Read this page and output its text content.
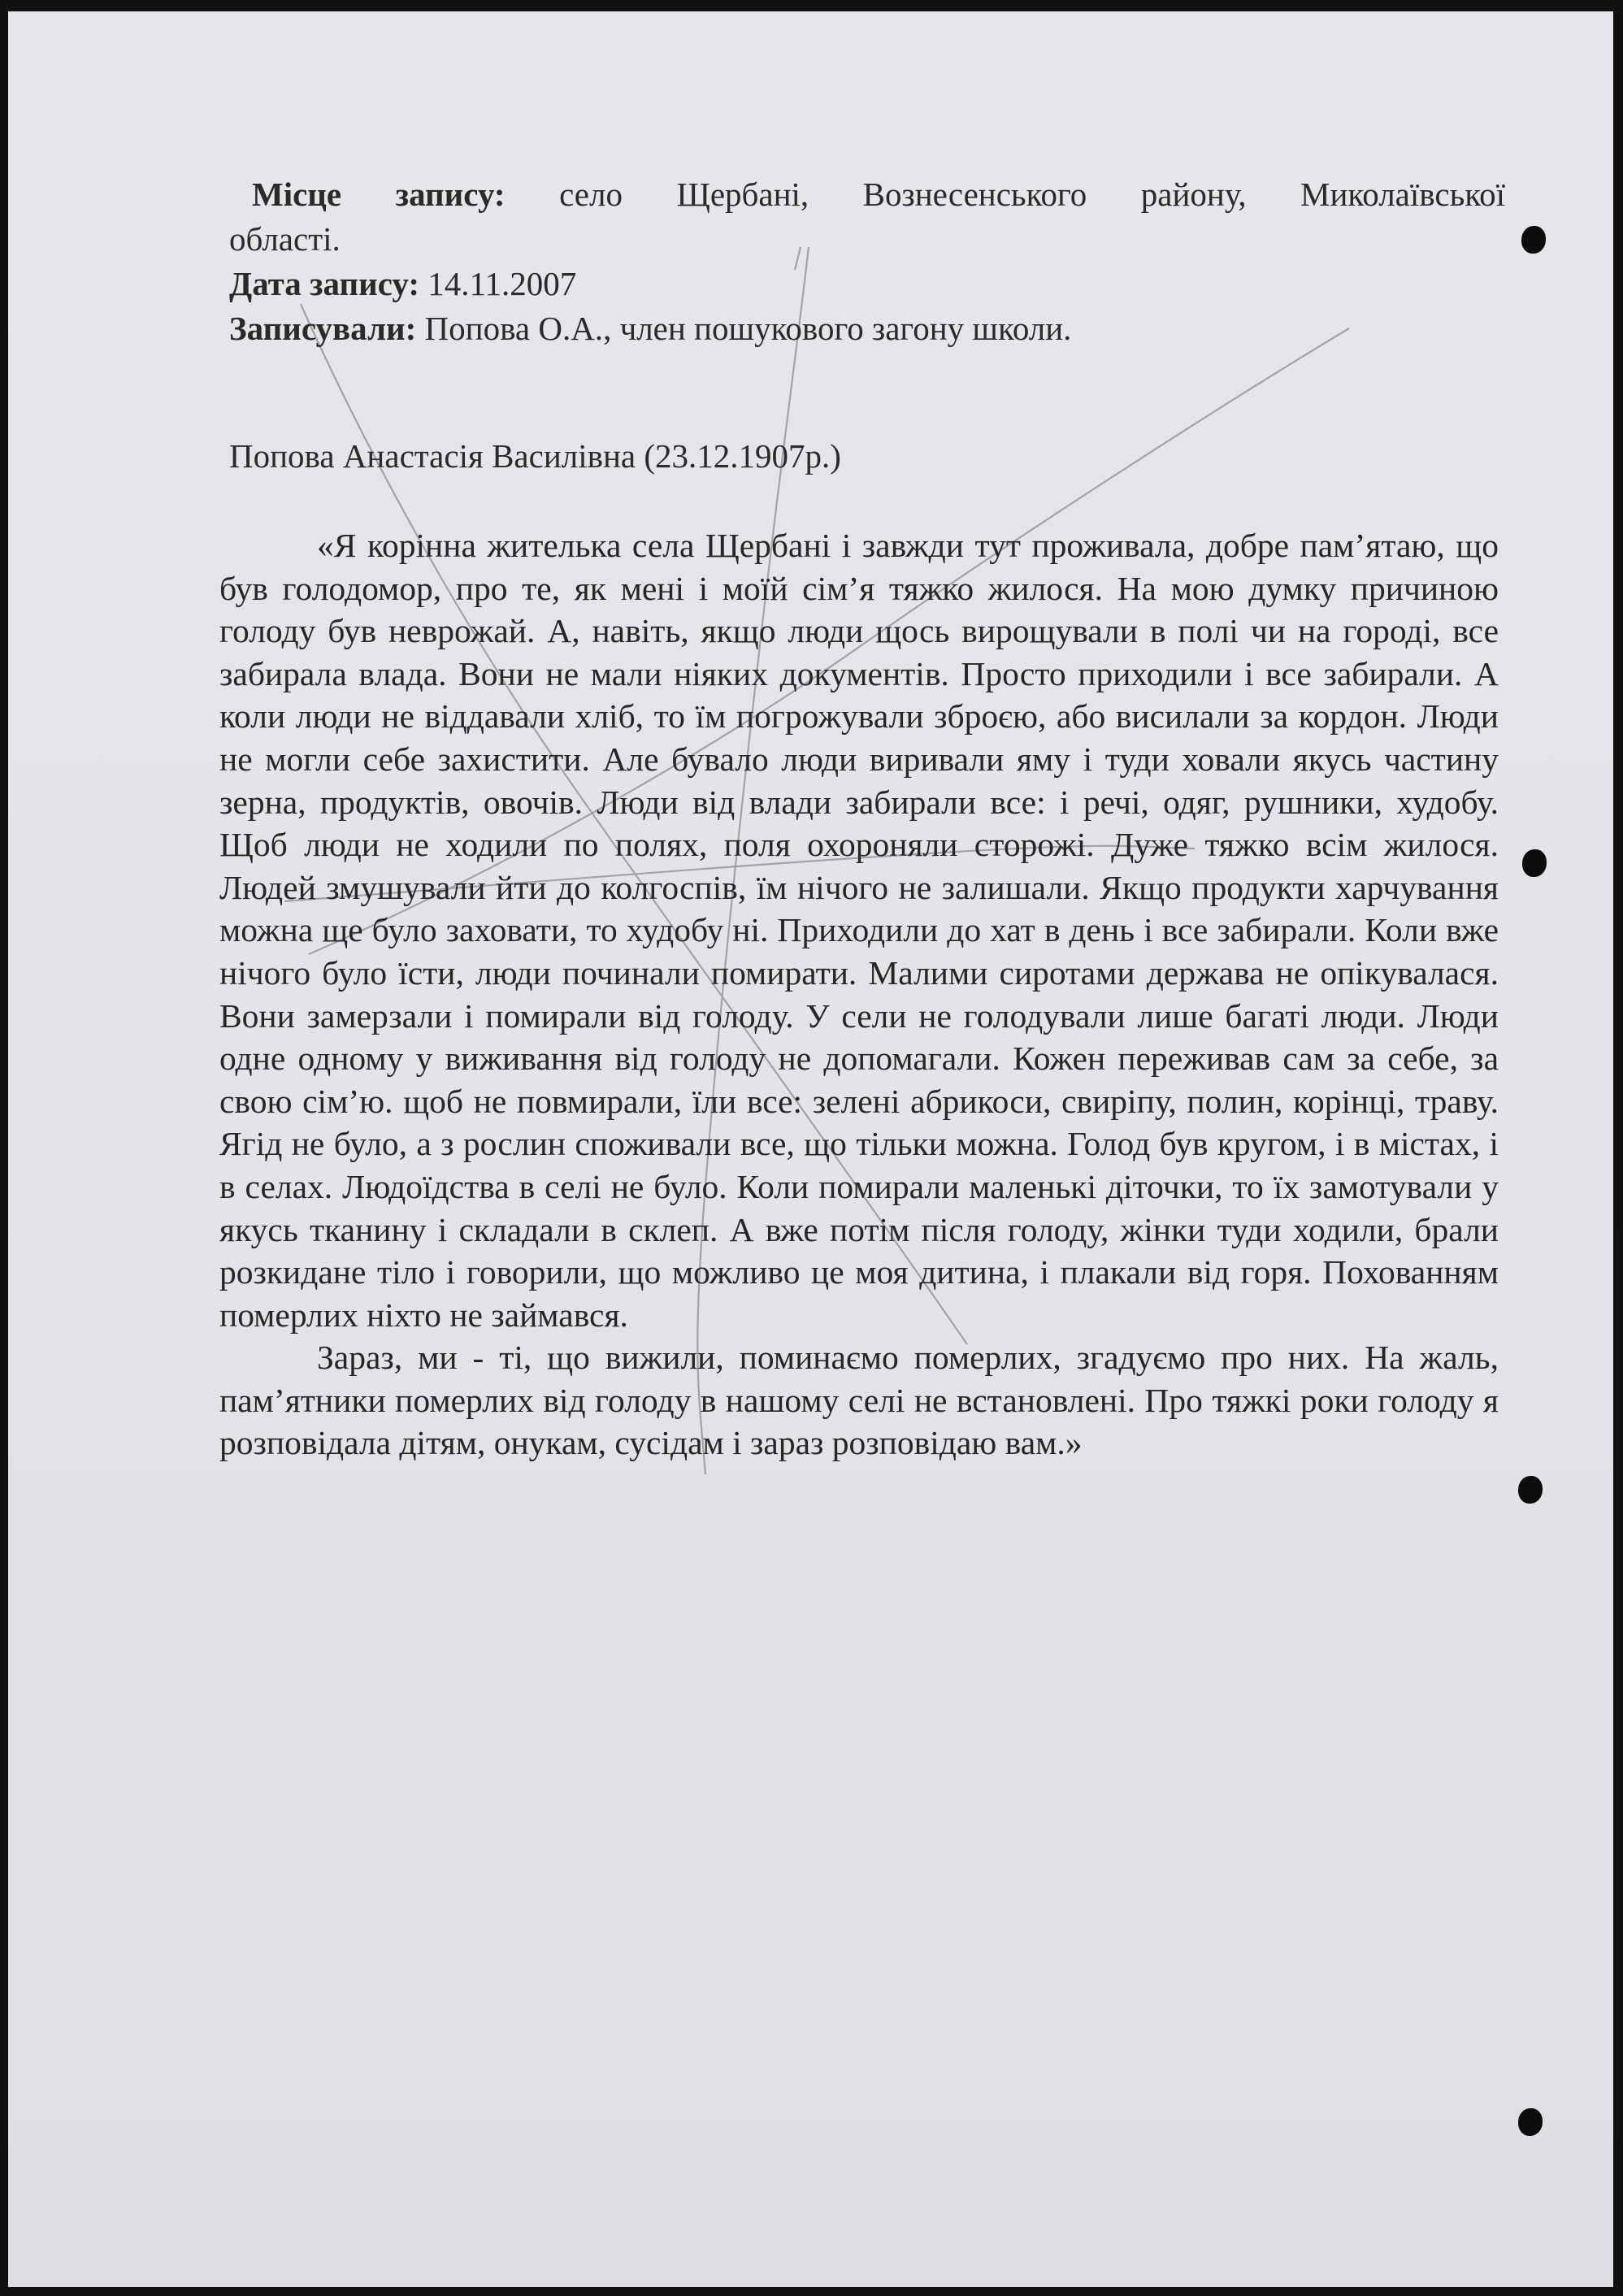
Місце запису: село Щербані, Вознесенського району, Миколаївської
області.
Дата запису: 14.11.2007
Записували: Попова О.А., член пошукового загону школи.
Попова Анастасія Василівна (23.12.1907р.)

«Я корінна жителька села Щербані і завжди тут проживала, добре пам’ятаю, що був голодомор, про те, як мені і моїй сім’я тяжко жилося. На мою думку причиною голоду був неврожай. А, навіть, якщо люди щось вирощували в полі чи на городі, все забирала влада. Вони не мали ніяких документів. Просто приходили і все забирали. А коли люди не віддавали хліб, то їм погрожували зброєю, або висилали за кордон. Люди не могли себе захистити. Але бувало люди виривали яму і туди ховали якусь частину зерна, продуктів, овочів. Люди від влади забирали все: і речі, одяг, рушники, худобу. Щоб люди не ходили по полях, поля охороняли сторожі. Дуже тяжко всім жилося. Людей змушували йти до колгоспів, їм нічого не залишали. Якщо продукти харчування можна ще було заховати, то худобу ні. Приходили до хат в день і все забирали. Коли вже нічого було їсти, люди починали помирати. Малими сиротами держава не опікувалася. Вони замерзали і помирали від голоду. У сели не голодували лише багаті люди. Люди одне одному у виживання від голоду не допомагали. Кожен переживав сам за себе, за свою сім’ю. щоб не повмирали, їли все: зелені абрикоси, свиріпу, полин, корінці, траву. Ягід не було, а з рослин споживали все, що тільки можна. Голод був кругом, і в містах, і в селах. Людоїдства в селі не було. Коли помирали маленькі діточки, то їх замотували у якусь тканину і складали в склеп. А вже потім після голоду, жінки туди ходили, брали розкидане тіло і говорили, що можливо це моя дитина, і плакали від горя. Похованням померлих ніхто не займався.

Зараз, ми - ті, що вижили, поминаємо померлих, згадуємо про них. На жаль, пам’ятники померлих від голоду в нашому селі не встановлені. Про тяжкі роки голоду я розповідала дітям, онукам, сусідам і зараз розповідаю вам.»
